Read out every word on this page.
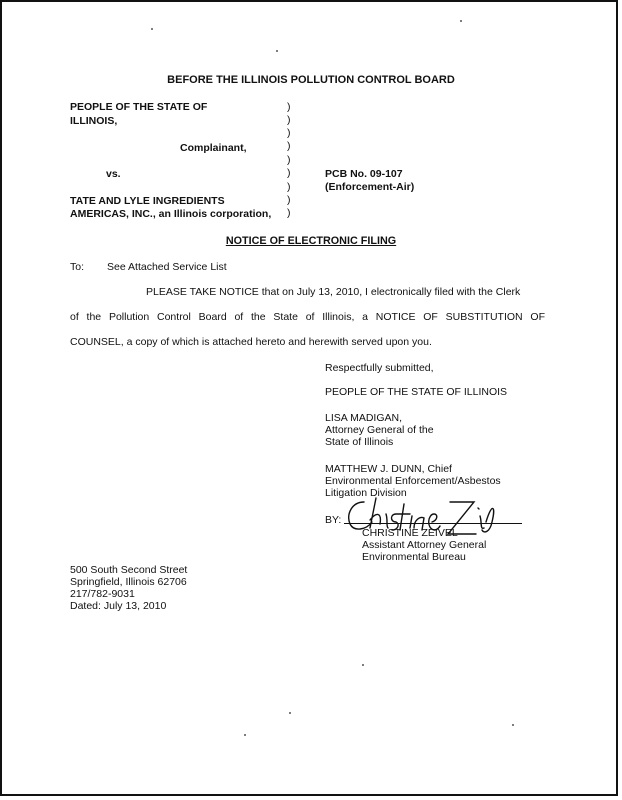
BEFORE THE ILLINOIS POLLUTION CONTROL BOARD
PEOPLE OF THE STATE OF
ILLINOIS,
Complainant,
vs.
TATE AND LYLE INGREDIENTS
AMERICAS, INC., an Illinois corporation,
)
)
)
)
)
)
)
)
)
PCB No. 09-107
(Enforcement-Air)
NOTICE OF ELECTRONIC FILING
To: See Attached Service List
PLEASE TAKE NOTICE that on July 13, 2010, I electronically filed with the Clerk
of the Pollution Control Board of the State of Illinois, a NOTICE OF SUBSTITUTION OF
COUNSEL, a copy of which is attached hereto and herewith served upon you.
Respectfully submitted,
PEOPLE OF THE STATE OF ILLINOIS
LISA MADIGAN,
Attorney General of the
State of Illinois
MATTHEW J. DUNN, Chief
Environmental Enforcement/Asbestos
Litigation Division
BY:
CHRISTINE ZEIVEL
Assistant Attorney General
Environmental Bureau
500 South Second Street
Springfield, Illinois 62706
217/782-9031
Dated: July 13, 2010
